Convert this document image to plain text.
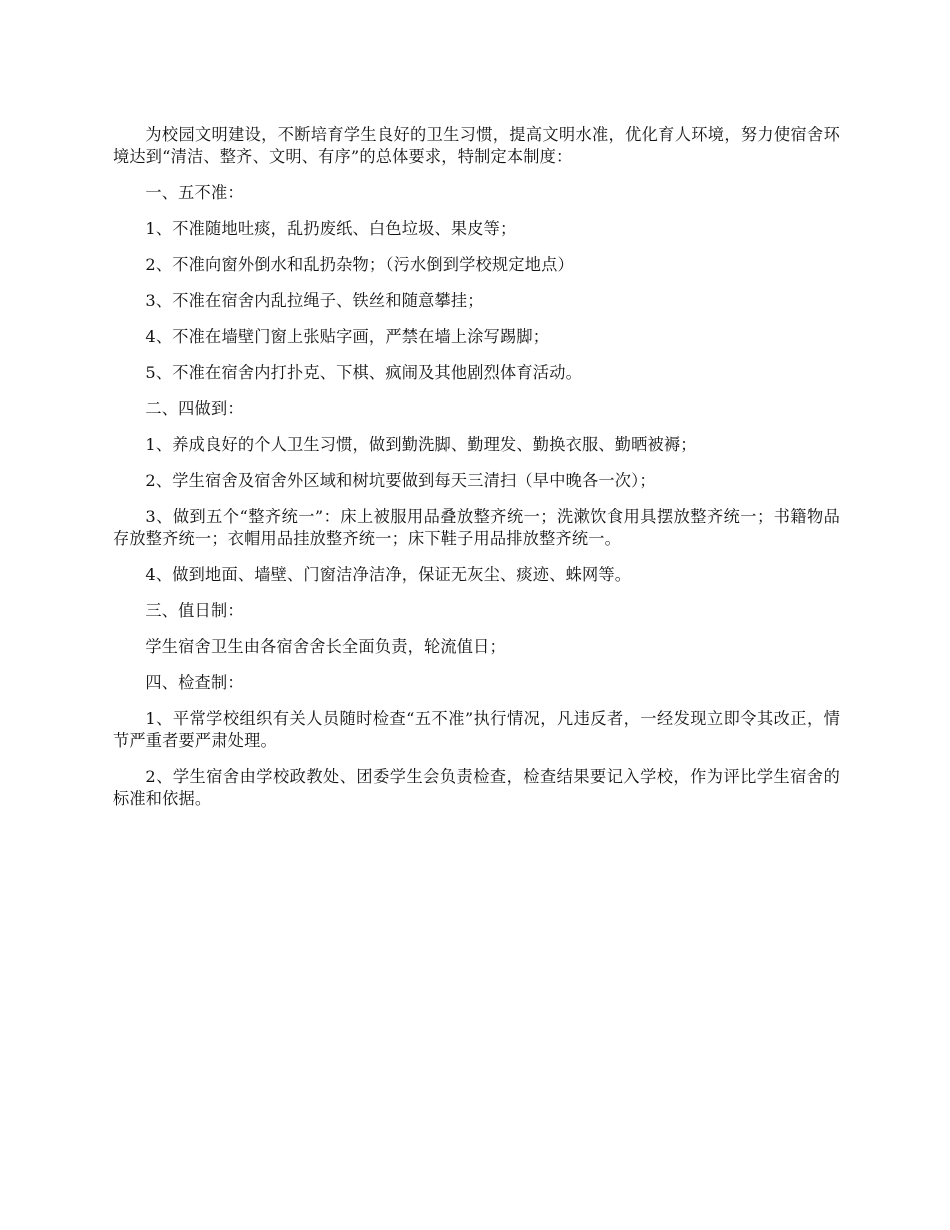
为校园文明建设，不断培育学生良好的卫生习惯，提高文明水准，优化育人环境，努力使宿舍环境达到“清洁、整齐、文明、有序”的总体要求，特制定本制度：

一、五不准：

1、不准随地吐痰，乱扔废纸、白色垃圾、果皮等；

2、不准向窗外倒水和乱扔杂物；（污水倒到学校规定地点）

3、不准在宿舍内乱拉绳子、铁丝和随意攀挂；

4、不准在墙壁门窗上张贴字画，严禁在墙上涂写踢脚；

5、不准在宿舍内打扑克、下棋、疯闹及其他剧烈体育活动。

二、四做到：

1、养成良好的个人卫生习惯，做到勤洗脚、勤理发、勤换衣服、勤晒被褥；

2、学生宿舍及宿舍外区域和树坑要做到每天三清扫（早中晚各一次）；

3、做到五个“整齐统一”：床上被服用品叠放整齐统一；洗漱饮食用具摆放整齐统一；书籍物品存放整齐统一；衣帽用品挂放整齐统一；床下鞋子用品排放整齐统一。

4、做到地面、墙壁、门窗洁净洁净，保证无灰尘、痰迹、蛛网等。

三、值日制：

学生宿舍卫生由各宿舍舍长全面负责，轮流值日；

四、检查制：

1、平常学校组织有关人员随时检查“五不准”执行情况，凡违反者，一经发现立即令其改正，情节严重者要严肃处理。

2、学生宿舍由学校政教处、团委学生会负责检查，检查结果要记入学校，作为评比学生宿舍的标准和依据。
